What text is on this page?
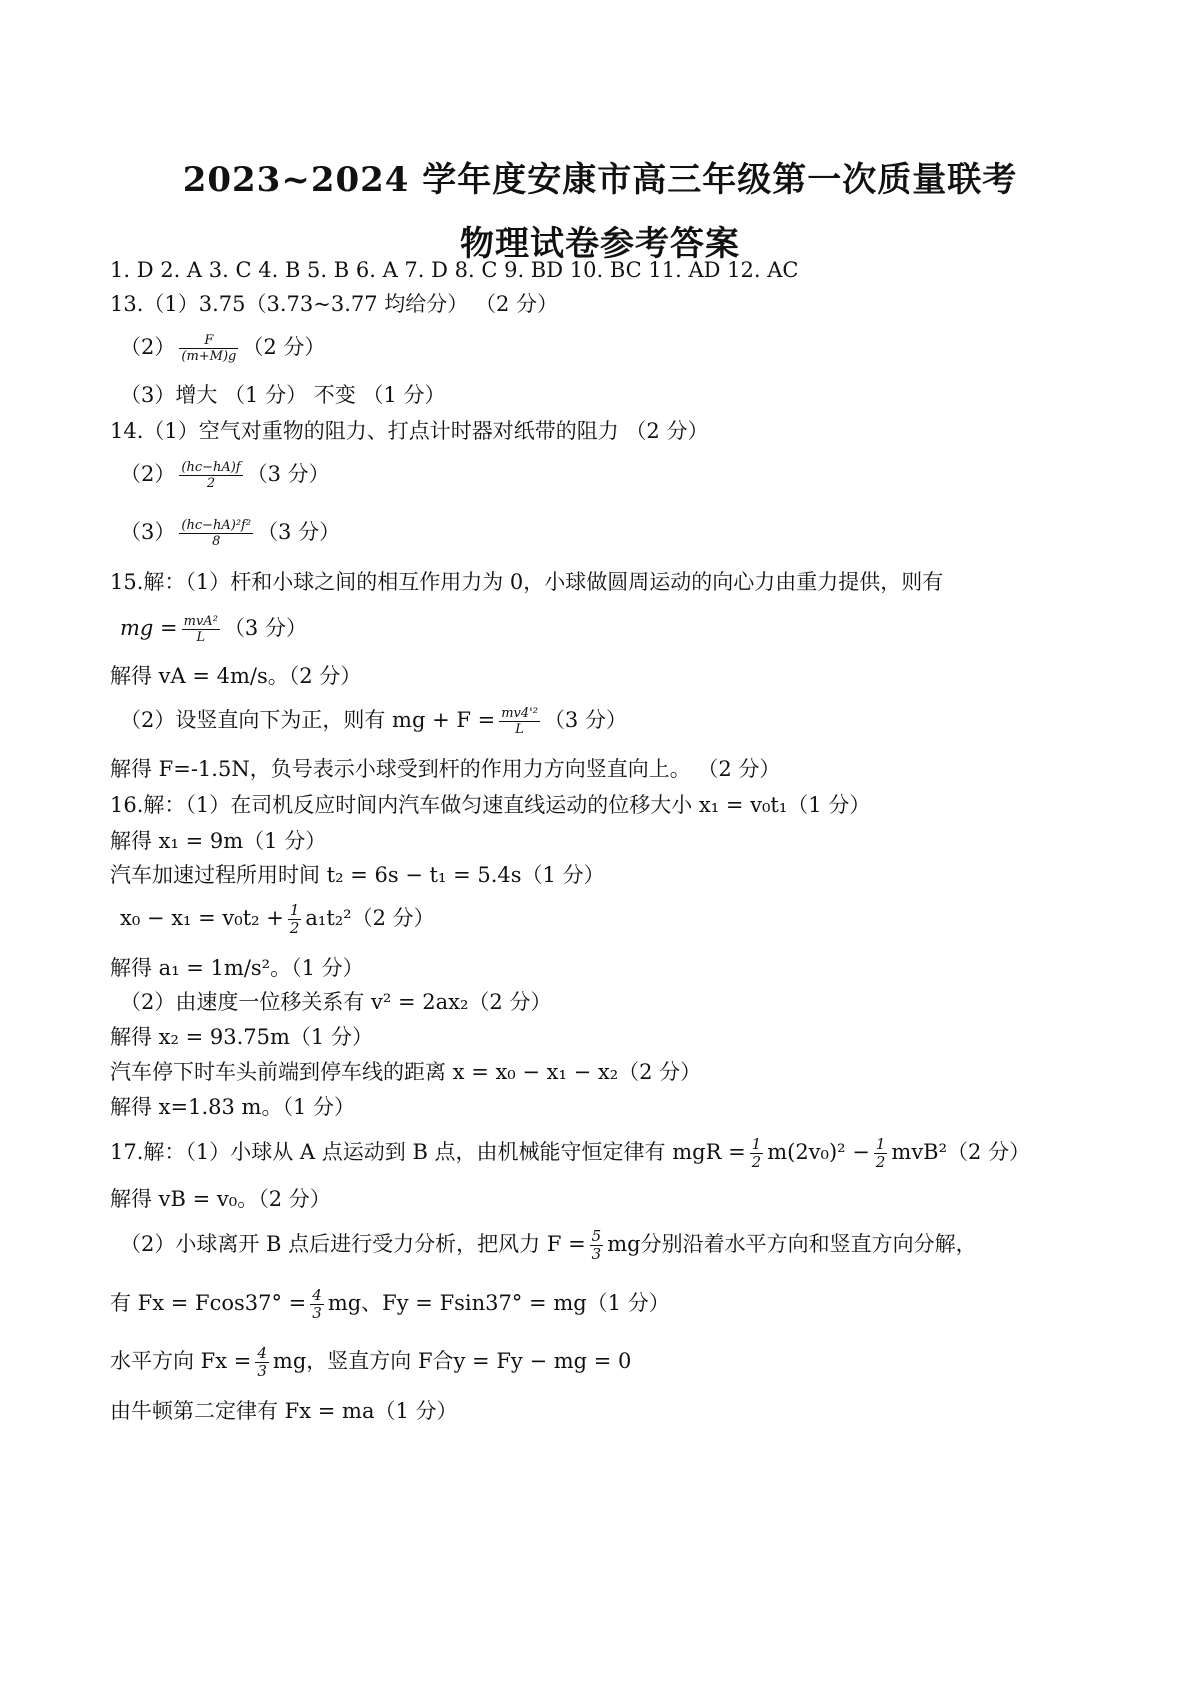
2023~2024 学年度安康市高三年级第一次质量联考
物理试卷参考答案
1. D 2. A 3. C 4. B 5. B 6. A 7. D 8. C 9. BD 10. BC 11. AD 12. AC
13.（1）3.75（3.73~3.77 均给分） （2 分）
$(2) \frac{F}{(m+M)g} (2$ 分）
（3）增大 （1 分） 不变 （1 分）
14.（1）空气对重物的阻力、打点计时器对纸带的阻力 （2 分）
$(2) \frac{(hc-hA)f}{2} (3$ 分）
$(3) \frac{\text{(hc−hA)²f²}}{8} (3$ 分）
15.解：（1）杆和小球之间的相互作用力为 0，小球做圆周运动的向心力由重力提供，则有
mg = $\frac{\text{mvA²}}{L} (3$ 分）
解得 vA = 4m/s。（2 分）
（2）设竖直向下为正，则有 mg + $F = \frac{\text{mv4'²}}{L} (3$ 分）
解得 F=-1.5N，负号表示小球受到杆的作用力方向竖直向上。 （2 分）
16.解：（1）在司机反应时间内汽车做匀速直线运动的位移大小 x₁ = v₀t₁（1 分）
解得 x₁ = 9m（1 分）
汽车加速过程所用时间 t₂ = 6s − t₁ = 5.4s（1 分）
$x_0 - x_1 = v_0t_2 + \frac{1}{2} a_1t_2^2(2$ 分）
解得 a₁ = 1m/s²。（1 分）
（2）由速度一位移关系有 v² = 2ax₂（2 分）
解得 x₂ = 93.75m（1 分）
汽车停下时车头前端到停车线的距离 x = x₀ − x₁ − x₂（2 分）
解得 x=1.83 m。（1 分）
17.解：（1）小球从 A 点运动到 B 点，由机械能守恒定律有 mgR = $\frac{1}{2} m(2v_0)^2 - \frac{1}{2} mvB^2(2$ 分）
解得 vB = v₀。（2 分）
（2）小球离开 B 点后进行受力分析，把风力 $F = \frac{5}{3}$ mg分别沿着水平方向和竖直方向分解，
有 $Fx = Fcos37^\circ = \frac{4}{3}$ mg、Fy = Fsin37° = mg（1 分）
水平方向 $Fx = \frac{4}{3}$ mg，竖直方向 F合y = Fy − mg = 0
由牛顿第二定律有 Fx = ma（1 分）
